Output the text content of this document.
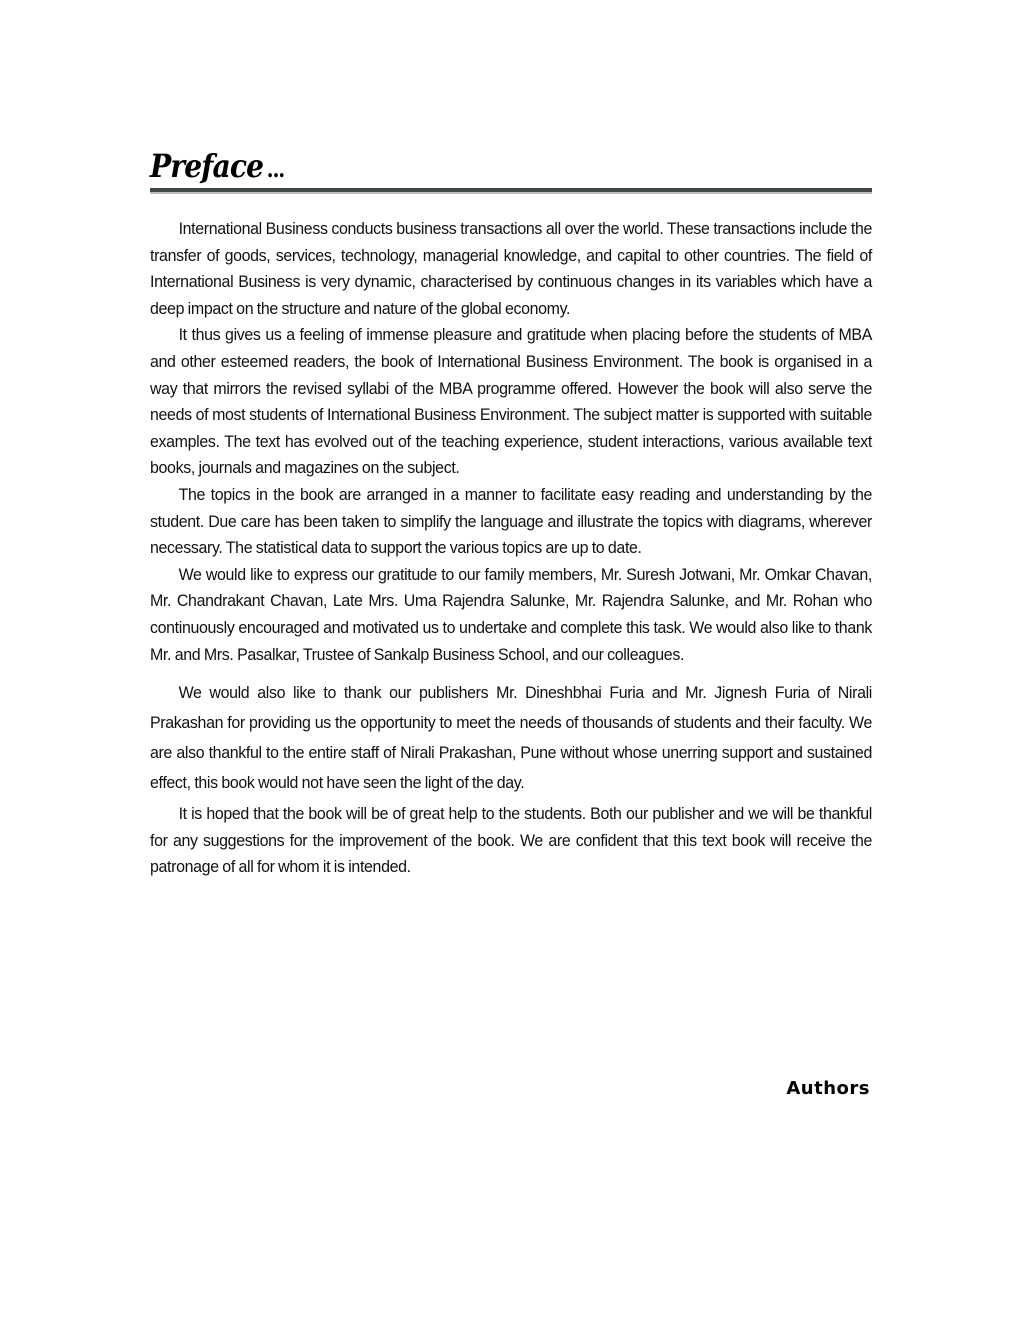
Preface ...

International Business conducts business transactions all over the world. These transactions include the transfer of goods, services, technology, managerial knowledge, and capital to other countries. The field of International Business is very dynamic, characterised by continuous changes in its variables which have a deep impact on the structure and nature of the global economy.

It thus gives us a feeling of immense pleasure and gratitude when placing before the students of MBA and other esteemed readers, the book of International Business Environment. The book is organised in a way that mirrors the revised syllabi of the MBA programme offered. However the book will also serve the needs of most students of International Business Environment. The subject matter is supported with suitable examples. The text has evolved out of the teaching experience, student interactions, various available text books, journals and magazines on the subject.

The topics in the book are arranged in a manner to facilitate easy reading and understanding by the student. Due care has been taken to simplify the language and illustrate the topics with diagrams, wherever necessary. The statistical data to support the various topics are up to date.

We would like to express our gratitude to our family members, Mr. Suresh Jotwani, Mr. Omkar Chavan, Mr. Chandrakant Chavan, Late Mrs. Uma Rajendra Salunke, Mr. Rajendra Salunke, and Mr. Rohan who continuously encouraged and motivated us to undertake and complete this task. We would also like to thank Mr. and Mrs. Pasalkar, Trustee of Sankalp Business School, and our colleagues.

We would also like to thank our publishers Mr. Dineshbhai Furia and Mr. Jignesh Furia of Nirali Prakashan for providing us the opportunity to meet the needs of thousands of students and their faculty. We are also thankful to the entire staff of Nirali Prakashan, Pune without whose unerring support and sustained effect, this book would not have seen the light of the day.

It is hoped that the book will be of great help to the students. Both our publisher and we will be thankful for any suggestions for the improvement of the book. We are confident that this text book will receive the patronage of all for whom it is intended.

Authors
